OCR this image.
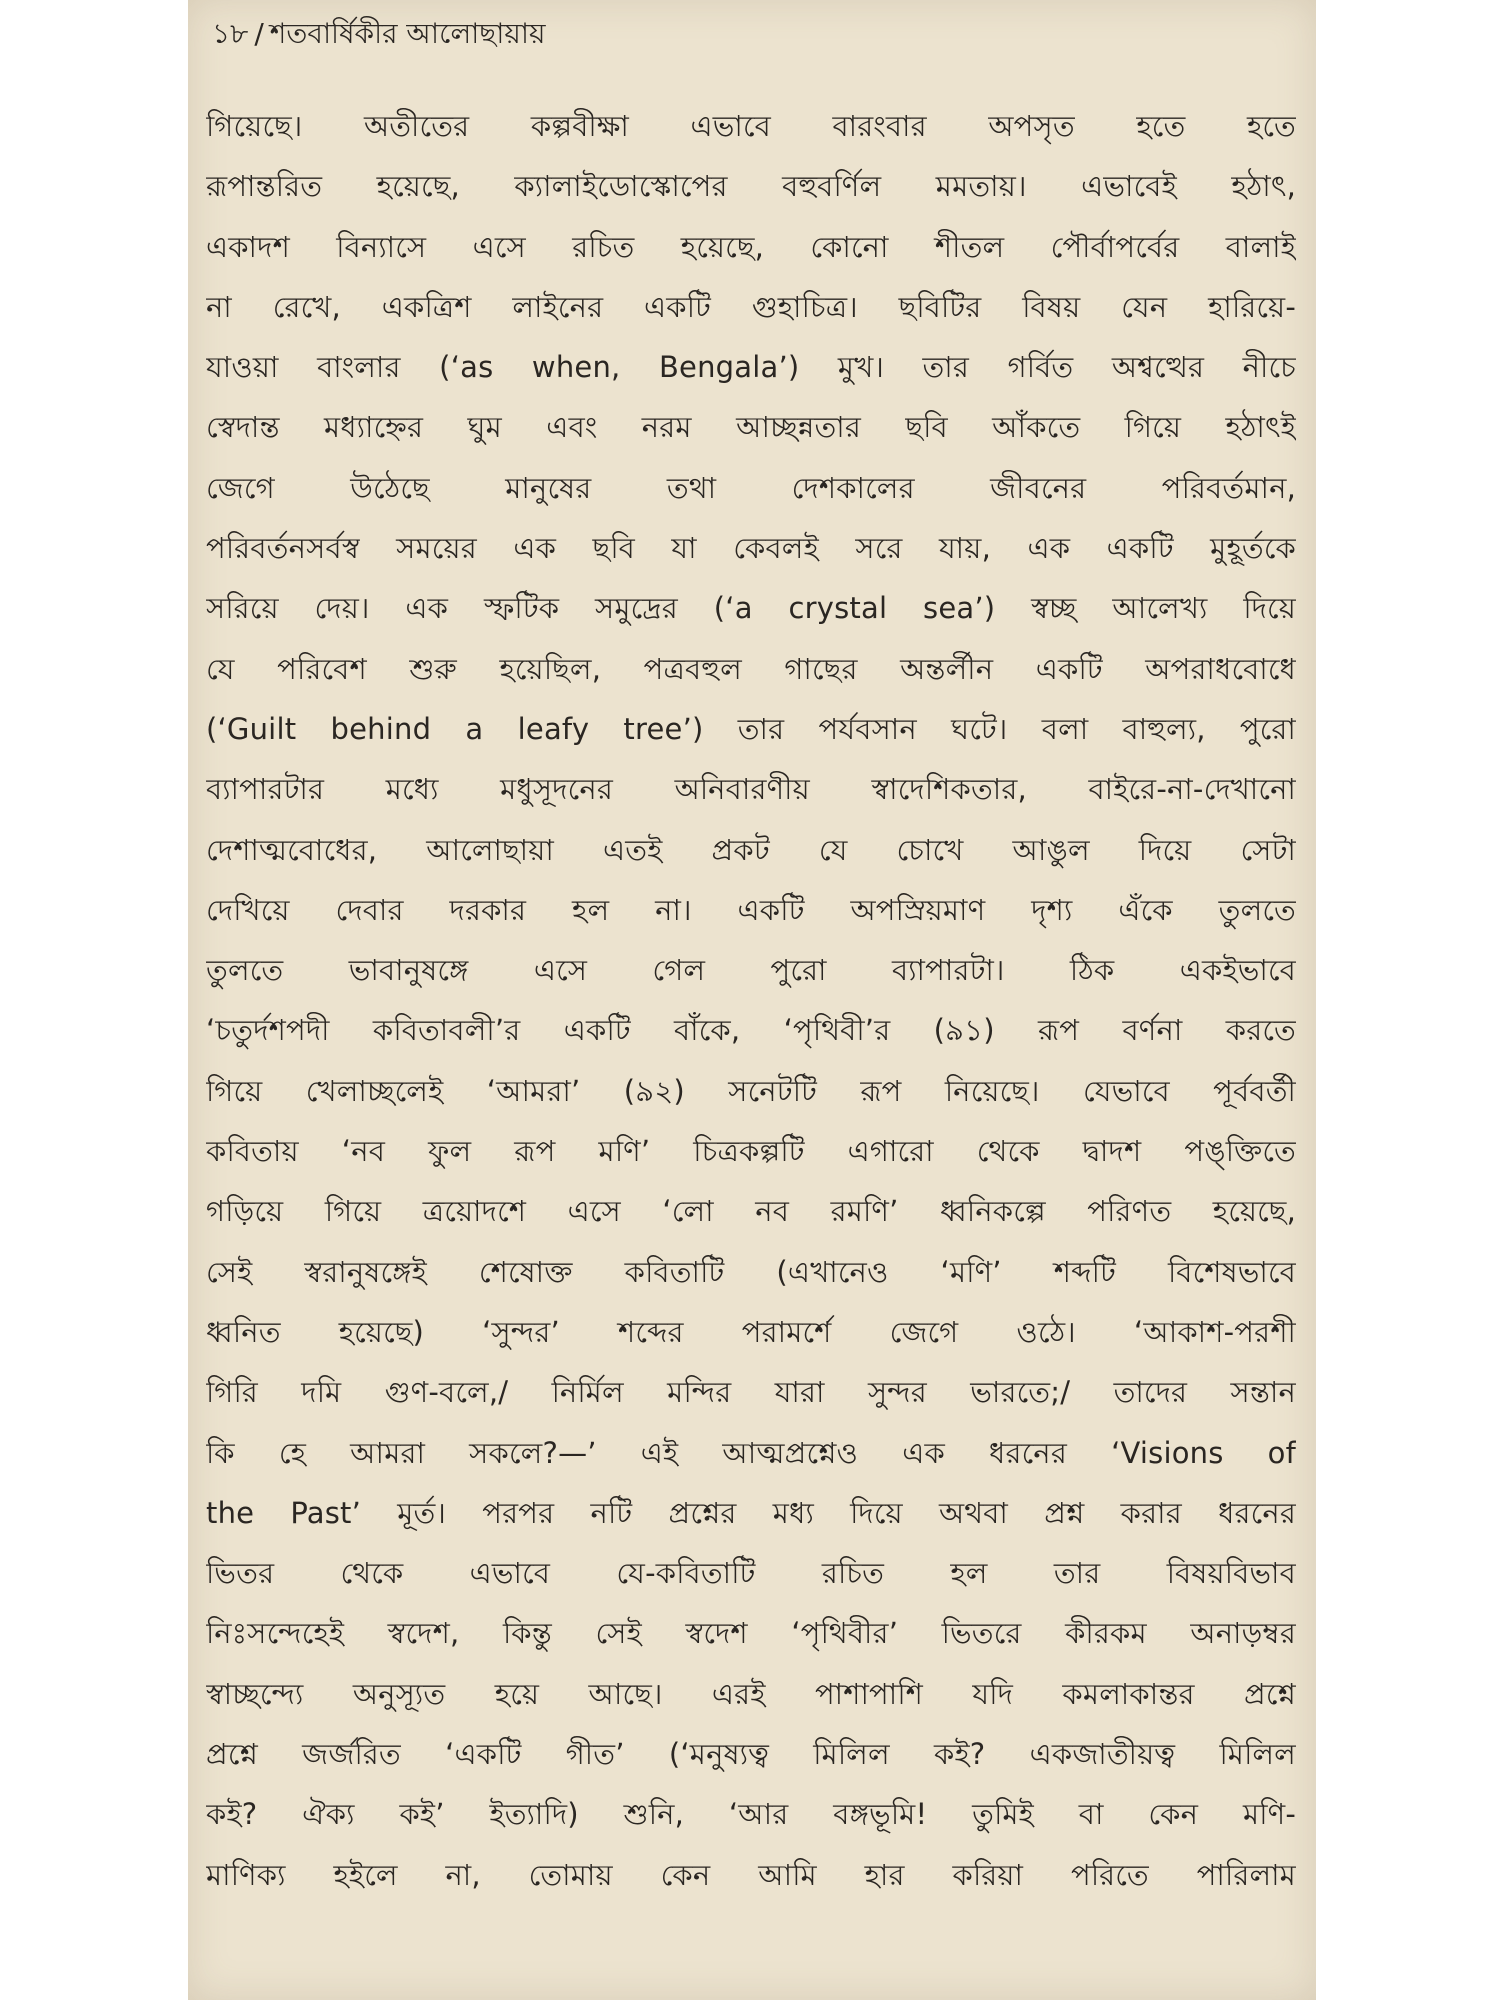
১৮ / শতবার্ষিকীর আলোছায়ায়
গিয়েছে। অতীতের কল্পবীক্ষা এভাবে বারংবার অপসৃত হতে হতে
রূপান্তরিত হয়েছে, ক্যালাইডোস্কোপের বহুবর্ণিল মমতায়। এভাবেই হঠাৎ,
একাদশ বিন্যাসে এসে রচিত হয়েছে, কোনো শীতল পৌর্বাপর্বের বালাই
না রেখে, একত্রিশ লাইনের একটি গুহাচিত্র। ছবিটির বিষয় যেন হারিয়ে-
যাওয়া বাংলার (‘as when, Bengala’) মুখ। তার গর্বিত অশ্বত্থের নীচে
স্বেদান্ত মধ্যাহ্নের ঘুম এবং নরম আচ্ছন্নতার ছবি আঁকতে গিয়ে হঠাৎই
জেগে উঠেছে মানুষের তথা দেশকালের জীবনের পরিবর্তমান,
পরিবর্তনসর্বস্ব সময়ের এক ছবি যা কেবলই সরে যায়, এক একটি মুহূর্তকে
সরিয়ে দেয়। এক স্ফটিক সমুদ্রের (‘a crystal sea’) স্বচ্ছ আলেখ্য দিয়ে
যে পরিবেশ শুরু হয়েছিল, পত্রবহুল গাছের অন্তর্লীন একটি অপরাধবোধে
(‘Guilt behind a leafy tree’) তার পর্যবসান ঘটে। বলা বাহুল্য, পুরো
ব্যাপারটার মধ্যে মধুসূদনের অনিবারণীয় স্বাদেশিকতার, বাইরে-না-দেখানো
দেশাত্মবোধের, আলোছায়া এতই প্রকট যে চোখে আঙুল দিয়ে সেটা
দেখিয়ে দেবার দরকার হল না। একটি অপস্রিয়মাণ দৃশ্য এঁকে তুলতে
তুলতে ভাবানুষঙ্গে এসে গেল পুরো ব্যাপারটা। ঠিক একইভাবে
‘চতুর্দশপদী কবিতাবলী’র একটি বাঁকে, ‘পৃথিবী’র (৯১) রূপ বর্ণনা করতে
গিয়ে খেলাচ্ছলেই ‘আমরা’ (৯২) সনেটটি রূপ নিয়েছে। যেভাবে পূর্ববর্তী
কবিতায় ‘নব ফুল রূপ মণি’ চিত্রকল্পটি এগারো থেকে দ্বাদশ পঙ্‌ক্তিতে
গড়িয়ে গিয়ে ত্রয়োদশে এসে ‘লো নব রমণি’ ধ্বনিকল্পে পরিণত হয়েছে,
সেই স্বরানুষঙ্গেই শেষোক্ত কবিতাটি (এখানেও ‘মণি’ শব্দটি বিশেষভাবে
ধ্বনিত হয়েছে) ‘সুন্দর’ শব্দের পরামর্শে জেগে ওঠে। ‘আকাশ-পরশী
গিরি দমি গুণ-বলে,/ নির্মিল মন্দির যারা সুন্দর ভারতে;/ তাদের সন্তান
কি হে আমরা সকলে?—’ এই আত্মপ্রশ্নেও এক ধরনের ‘Visions of
the Past’ মূর্ত। পরপর নটি প্রশ্নের মধ্য দিয়ে অথবা প্রশ্ন করার ধরনের
ভিতর থেকে এভাবে যে-কবিতাটি রচিত হল তার বিষয়বিভাব
নিঃসন্দেহেই স্বদেশ, কিন্তু সেই স্বদেশ ‘পৃথিবীর’ ভিতরে কীরকম অনাড়ম্বর
স্বাচ্ছন্দ্যে অনুস্যূত হয়ে আছে। এরই পাশাপাশি যদি কমলাকান্তর প্রশ্নে
প্রশ্নে জর্জরিত ‘একটি গীত’ (‘মনুষ্যত্ব মিলিল কই? একজাতীয়ত্ব মিলিল
কই? ঐক্য কই’ ইত্যাদি) শুনি, ‘আর বঙ্গভূমি! তুমিই বা কেন মণি-
মাণিক্য হইলে না, তোমায় কেন আমি হার করিয়া পরিতে পারিলাম
